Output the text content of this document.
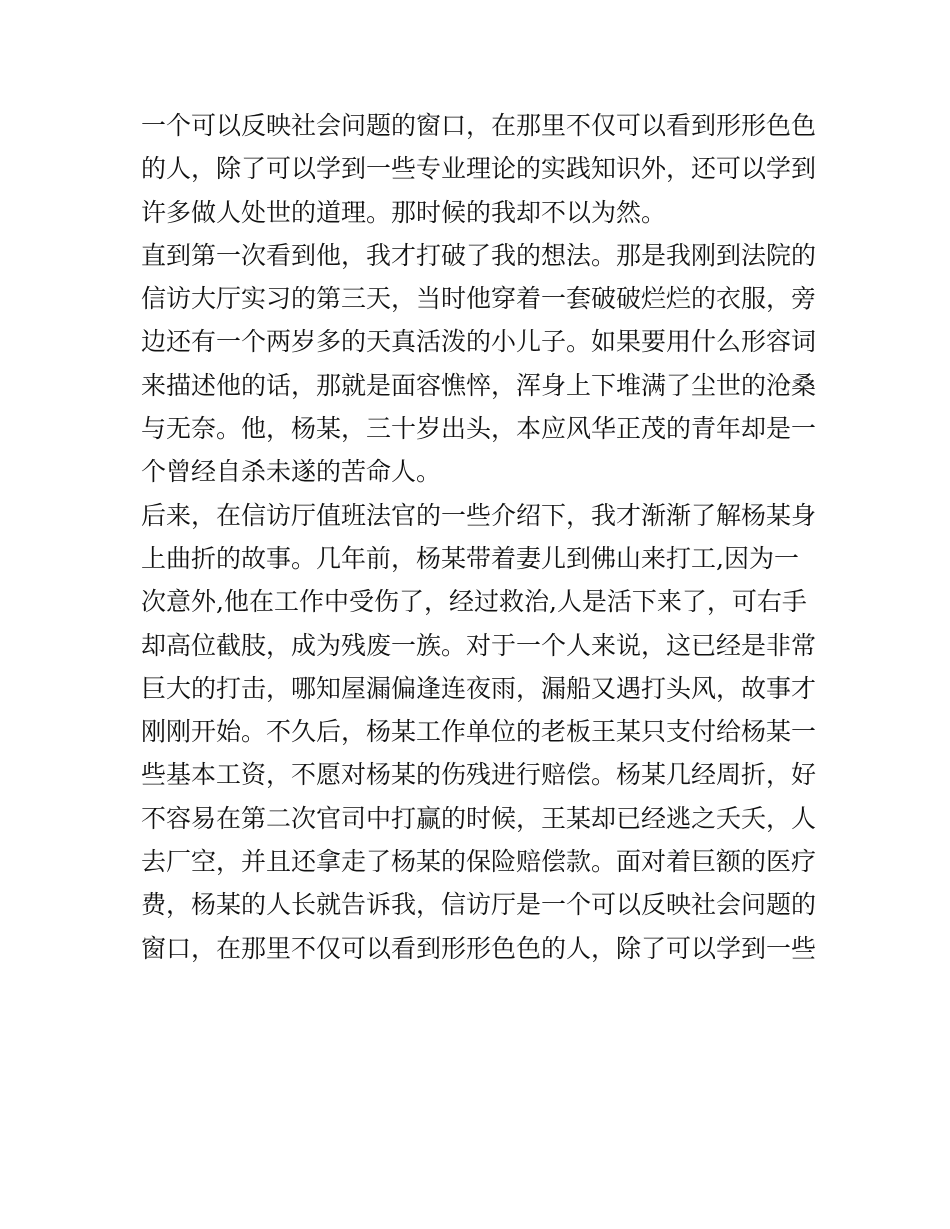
一个可以反映社会问题的窗口，在那里不仅可以看到形形色色
的人，除了可以学到一些专业理论的实践知识外，还可以学到
许多做人处世的道理。那时候的我却不以为然。
直到第一次看到他，我才打破了我的想法。那是我刚到法院的
信访大厅实习的第三天，当时他穿着一套破破烂烂的衣服，旁
边还有一个两岁多的天真活泼的小儿子。如果要用什么形容词
来描述他的话，那就是面容憔悴，浑身上下堆满了尘世的沧桑
与无奈。他，杨某，三十岁出头，本应风华正茂的青年却是一
个曾经自杀未遂的苦命人。
后来，在信访厅值班法官的一些介绍下，我才渐渐了解杨某身
上曲折的故事。几年前，杨某带着妻儿到佛山来打工,因为一
次意外,他在工作中受伤了，经过救治,人是活下来了，可右手
却高位截肢，成为残废一族。对于一个人来说，这已经是非常
巨大的打击，哪知屋漏偏逢连夜雨，漏船又遇打头风，故事才
刚刚开始。不久后，杨某工作单位的老板王某只支付给杨某一
些基本工资，不愿对杨某的伤残进行赔偿。杨某几经周折，好
不容易在第二次官司中打赢的时候，王某却已经逃之夭夭，人
去厂空，并且还拿走了杨某的保险赔偿款。面对着巨额的医疗
费，杨某的人长就告诉我，信访厅是一个可以反映社会问题的
窗口，在那里不仅可以看到形形色色的人，除了可以学到一些
